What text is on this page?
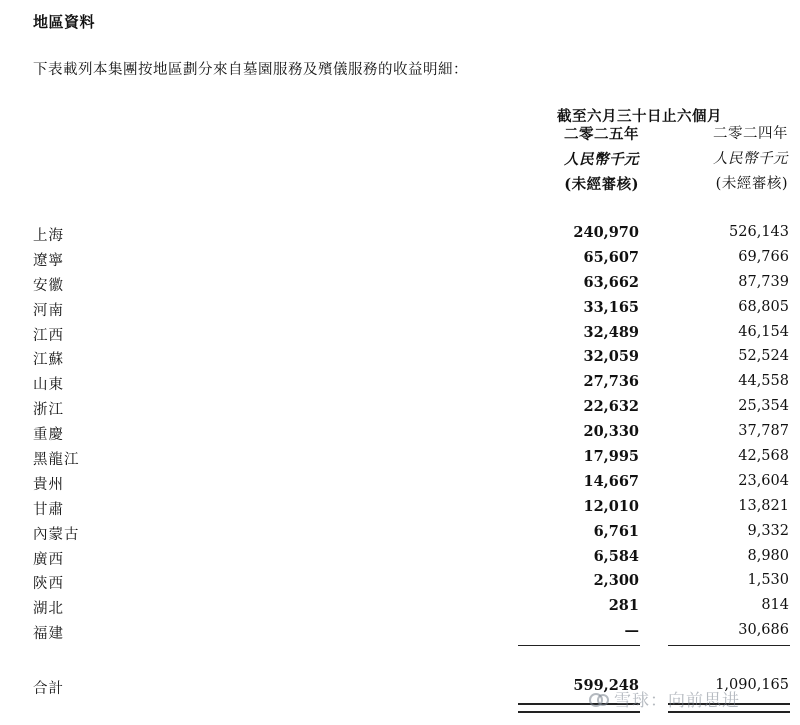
地區資料
下表載列本集團按地區劃分來自墓園服務及殯儀服務的收益明細：
截至六月三十日止六個月
二零二五年
人民幣千元
(未經審核)
二零二四年
人民幣千元
(未經審核)
上海	240,970	526,143
遼寧	65,607	69,766
安徽	63,662	87,739
河南	33,165	68,805
江西	32,489	46,154
江蘇	32,059	52,524
山東	27,736	44,558
浙江	22,632	25,354
重慶	20,330	37,787
黑龍江	17,995	42,568
貴州	14,667	23,604
甘肅	12,010	13,821
內蒙古	6,761	9,332
廣西	6,584	8,980
陝西	2,300	1,530
湖北	281	814
福建	—	30,686
合計	599,248	1,090,165
雪球：向前思进
